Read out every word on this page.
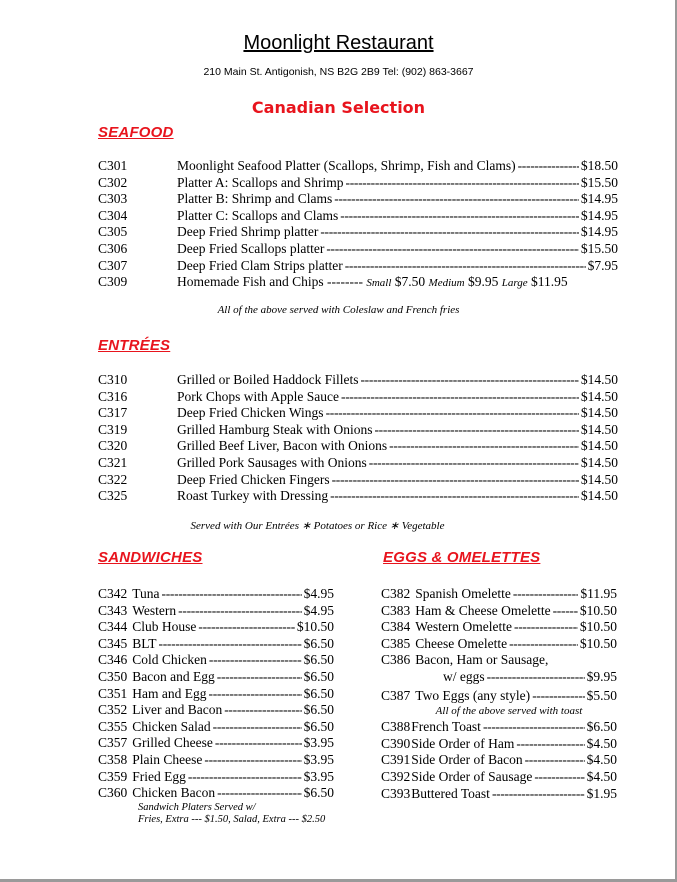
Moonlight Restaurant
210 Main St. Antigonish, NS B2G 2B9 Tel: (902) 863-3667
Canadian Selection
SEAFOOD
C301	Moonlight Seafood Platter (Scallops, Shrimp, Fish and Clams) -----	$18.50
C302	Platter A: Scallops and Shrimp -----	$15.50
C303	Platter B: Shrimp and Clams -----	$14.95
C304	Platter C: Scallops and Clams -----	$14.95
C305	Deep Fried Shrimp platter -----	$14.95
C306	Deep Fried Scallops platter -----	$15.50
C307	Deep Fried Clam Strips platter -----	$7.95
C309	Homemade Fish and Chips -------- Small $7.50 Medium $9.95 Large $11.95
All of the above served with Coleslaw and French fries
ENTRÉES
C310	Grilled or Boiled Haddock Fillets -----	$14.50
C316	Pork Chops with Apple Sauce -----	$14.50
C317	Deep Fried Chicken Wings -----	$14.50
C319	Grilled Hamburg Steak with Onions -----	$14.50
C320	Grilled Beef Liver, Bacon with Onions -----	$14.50
C321	Grilled Pork Sausages with Onions -----	$14.50
C322	Deep Fried Chicken Fingers -----	$14.50
C325	Roast Turkey with Dressing -----	$14.50
Served with Our Entrées ∗ Potatoes or Rice ∗ Vegetable
SANDWICHES
C342 Tuna -----	$4.95
C343 Western -----	$4.95
C344 Club House -----	$10.50
C345 BLT -----	$6.50
C346 Cold Chicken -----	$6.50
C350 Bacon and Egg -----	$6.50
C351 Ham and Egg -----	$6.50
C352 Liver and Bacon -----	$6.50
C355 Chicken Salad -----	$6.50
C357 Grilled Cheese -----	$3.95
C358 Plain Cheese -----	$3.95
C359 Fried Egg -----	$3.95
C360 Chicken Bacon -----	$6.50
Sandwich Platers Served w/
Fries, Extra --- $1.50, Salad, Extra --- $2.50
EGGS & OMELETTES
C382 Spanish Omelette -----	$11.95
C383 Ham & Cheese Omelette ----- $10.50
C384 Western Omelette -----	$10.50
C385 Cheese Omelette -----	$10.50
C386 Bacon, Ham or Sausage,
w/ eggs -----	$9.95
C387 Two Eggs (any style) -----	$5.50
All of the above served with toast
C388 French Toast -----	$6.50
C390 Side Order of Ham -----	$4.50
C391 Side Order of Bacon -----	$4.50
C392 Side Order of Sausage -----	$4.50
C393 Buttered Toast -----	$1.95
